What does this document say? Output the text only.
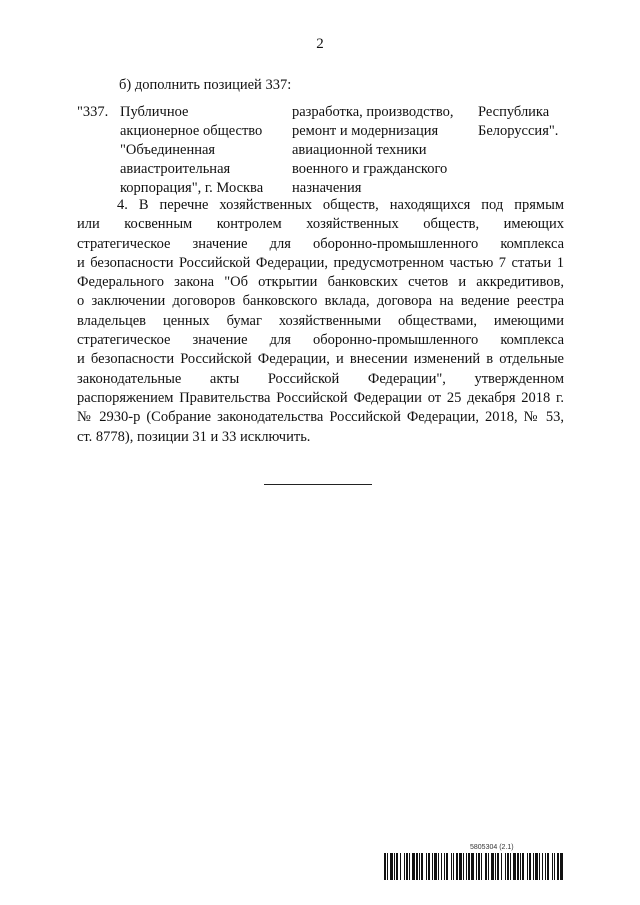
2
б) дополнить позицией 337:
"337. Публичное
акционерное общество
"Объединенная
авиастроительная
корпорация", г. Москва
разработка, производство,
ремонт и модернизация
авиационной техники
военного и гражданского
назначения
Республика
Белоруссия".
4. В перечне хозяйственных обществ, находящихся под прямым
или косвенным контролем хозяйственных обществ, имеющих
стратегическое значение для оборонно-промышленного комплекса
и безопасности Российской Федерации, предусмотренном частью 7 статьи 1
Федерального закона "Об открытии банковских счетов и аккредитивов,
о заключении договоров банковского вклада, договора на ведение реестра
владельцев ценных бумаг хозяйственными обществами, имеющими
стратегическое значение для оборонно-промышленного комплекса
и безопасности Российской Федерации, и внесении изменений в отдельные
законодательные акты Российской Федерации", утвержденном
распоряжением Правительства Российской Федерации от 25 декабря 2018 г.
№ 2930-р (Собрание законодательства Российской Федерации, 2018, № 53,
ст. 8778), позиции 31 и 33 исключить.
5805304 (2.1)
